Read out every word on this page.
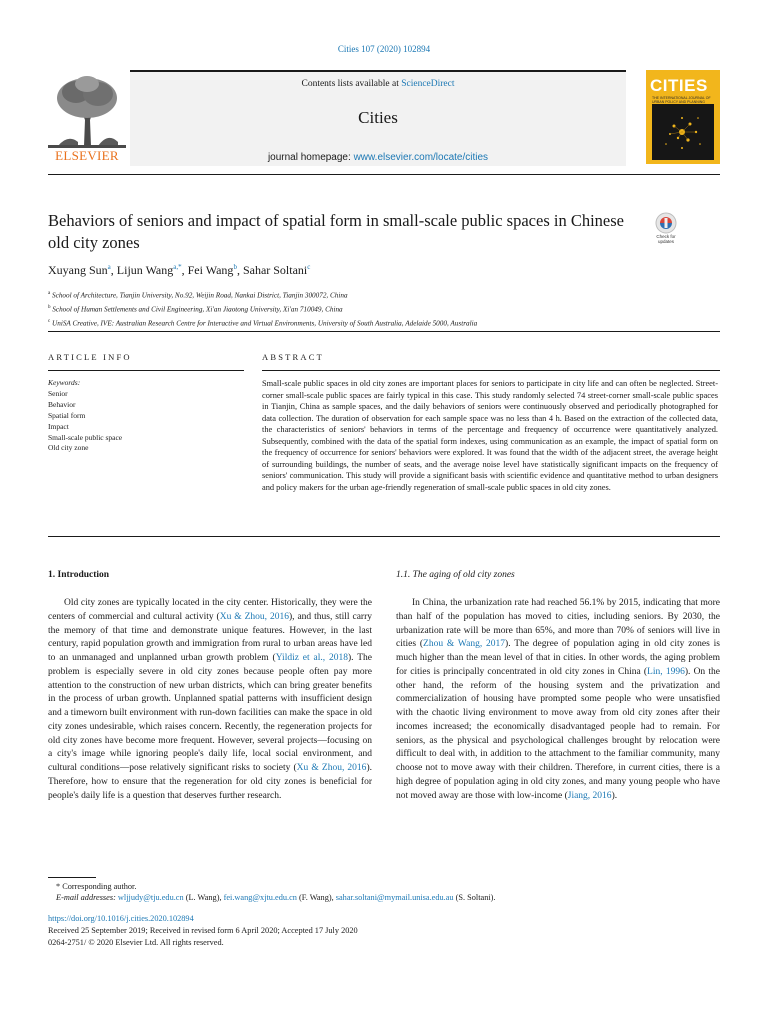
Cities 107 (2020) 102894
ELSEVIER
Contents lists available at ScienceDirect
Cities
journal homepage: www.elsevier.com/locate/cities
CITIES
THE INTERNATIONAL JOURNAL OF URBAN POLICY AND PLANNING
Behaviors of seniors and impact of spatial form in small-scale public spaces in Chinese old city zones	Check for
updates
Xuyang Sun$^a$, Lijun Wang$^{a,*}$, Fei Wang$^b$, Sahar Soltani$^c$
$^a$ School of Architecture, Tianjin University, No.92, Weijin Road, Nankai District, Tianjin 300072, China
$^b$ School of Human Settlements and Civil Engineering, Xi'an Jiaotong University, Xi'an 710049, China
$^c$ UniSA Creative, IVE: Australian Research Centre for Interactive and Virtual Environments, University of South Australia, Adelaide 5000, Australia
ARTICLE INFO	ABSTRACT
Keywords:
Senior
Behavior
Spatial form
Impact
Small-scale public space
Old city zone
Small-scale public spaces in old city zones are important places for seniors to participate in city life and can often be neglected. Street-corner small-scale public spaces are fairly typical in this case. This study randomly selected 74 street-corner small-scale public spaces in Tianjin, China as sample spaces, and the daily behaviors of seniors were continuously observed and periodically photographed for data collection. The duration of observation for each sample space was no less than 4 h. Based on the extraction of the collected data, the characteristics of seniors' behaviors in terms of the percentage and frequency of occurrence were quantitatively analyzed. Subsequently, combined with the data of the spatial form indexes, using communication as an example, the impact of spatial form on the frequency of occurrence for seniors' behaviors were explored. It was found that the width of the adjacent street, the average height of surrounding buildings, the number of seats, and the average noise level have statistically significant impacts on the frequency of seniors' communication. This study will provide a significant basis with scientific evidence and quantitative method to urban designers and policy makers for the urban age-friendly regeneration of small-scale public spaces in old city zones.
1. Introduction
Old city zones are typically located in the city center. Historically, they were the centers of commercial and cultural activity (Xu & Zhou, 2016), and thus, still carry the memory of that time and demonstrate unique features. However, in the last century, rapid population growth and immigration from rural to urban areas have led to an unmanaged and unplanned urban growth problem (Yildiz et al., 2018). The problem is especially severe in old city zones because people often pay more attention to the construction of new urban districts, which can bring greater benefits in the process of urban growth. Unplanned spatial patterns with insufficient design and a timeworn built environment with run-down facilities can make the space in old city zones undesirable, which raises concern. Recently, the regeneration projects for old city zones have become more frequent. However, several projects—focusing on a city's image while ignoring people's daily life, local social environment, and cultural conditions—pose relatively significant risks to society (Xu & Zhou, 2016). Therefore, how to ensure that the regeneration for old city zones is beneficial for people's daily life is a question that deserves further research.
1.1. The aging of old city zones
In China, the urbanization rate had reached 56.1% by 2015, indicating that more than half of the population has moved to cities, including seniors. By 2030, the urbanization rate will be more than 65%, and more than 70% of seniors will live in cities (Zhou & Wang, 2017). The degree of population aging in old city zones is much higher than the mean level of that in cities. In other words, the aging problem for cities is principally concentrated in old city zones in China (Lin, 1996). On the other hand, the reform of the housing system and the privatization and commercialization of housing have prompted some people who were unsatisfied with the chaotic living environment to move away from old city zones after their incomes increased; the economically disadvantaged people had to remain. For seniors, as the physical and psychological challenges brought by relocation were difficult to deal with, in addition to the attachment to the familiar community, many choose not to move away with their children. Therefore, in current cities, there is a high degree of population aging in old city zones, and many young people who have not moved away are those with low-income (Jiang, 2016).
* Corresponding author.
E-mail addresses: wljjudy@tju.edu.cn (L. Wang), fei.wang@xjtu.edu.cn (F. Wang), sahar.soltani@mymail.unisa.edu.au (S. Soltani).
https://doi.org/10.1016/j.cities.2020.102894
Received 25 September 2019; Received in revised form 6 April 2020; Accepted 17 July 2020
0264-2751/ © 2020 Elsevier Ltd. All rights reserved.
